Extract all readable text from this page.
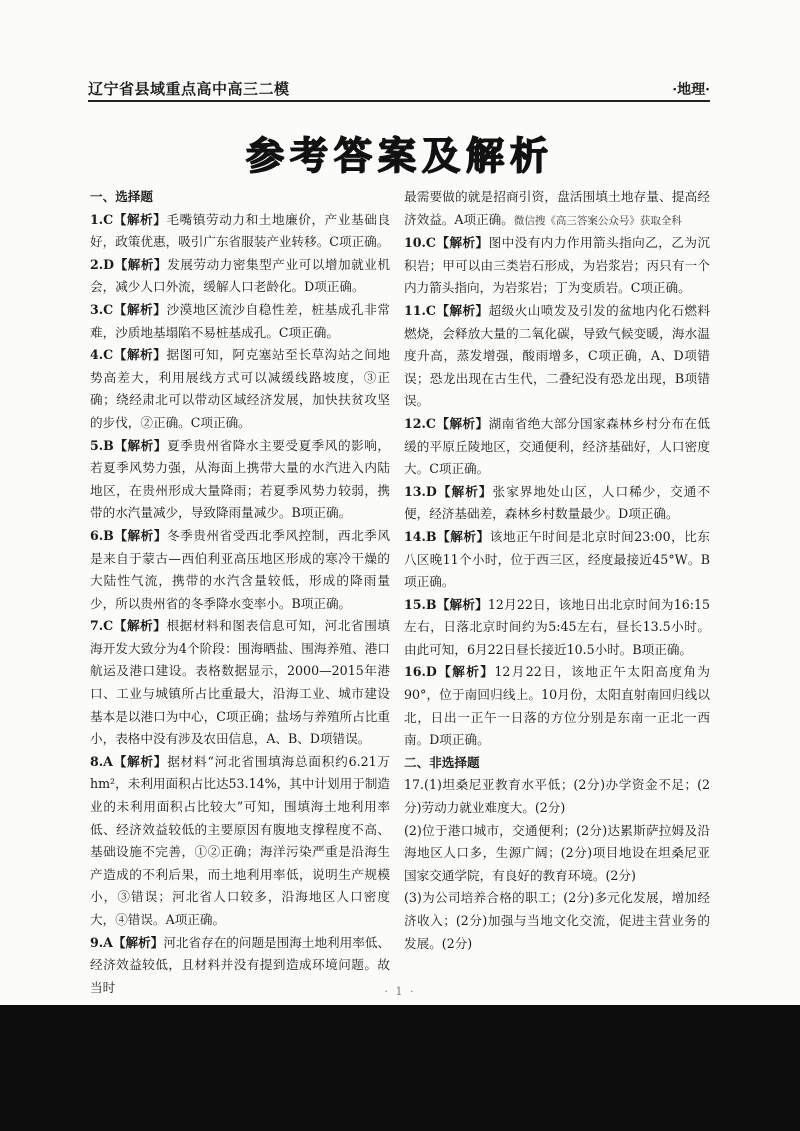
辽宁省县域重点高中高三二模	·地理·
参考答案及解析
一、选择题

1.C【解析】毛嘴镇劳动力和土地廉价，产业基础良好，政策优惠，吸引广东省服装产业转移。C项正确。

2.D【解析】发展劳动力密集型产业可以增加就业机会，减少人口外流，缓解人口老龄化。D项正确。

3.C【解析】沙漠地区流沙自稳性差，桩基成孔非常难，沙质地基塌陷不易桩基成孔。C项正确。

4.C【解析】据图可知，阿克塞站至长草沟站之间地势高差大，利用展线方式可以减缓线路坡度，③正确；绕经肃北可以带动区域经济发展，加快扶贫攻坚的步伐，②正确。C项正确。

5.B【解析】夏季贵州省降水主要受夏季风的影响，若夏季风势力强，从海面上携带大量的水汽进入内陆地区，在贵州形成大量降雨；若夏季风势力较弱，携带的水汽量减少，导致降雨量减少。B项正确。

6.B【解析】冬季贵州省受西北季风控制，西北季风是来自于蒙古—西伯利亚高压地区形成的寒冷干燥的大陆性气流，携带的水汽含量较低，形成的降雨量少，所以贵州省的冬季降水变率小。B项正确。

7.C【解析】根据材料和图表信息可知，河北省围填海开发大致分为4个阶段：围海晒盐、围海养殖、港口航运及港口建设。表格数据显示，2000—2015年港口、工业与城镇所占比重最大，沿海工业、城市建设基本是以港口为中心，C项正确；盐场与养殖所占比重小，表格中没有涉及农田信息，A、B、D项错误。

8.A【解析】据材料“河北省围填海总面积约6.21万hm²，未利用面积占比达53.14%，其中计划用于制造业的未利用面积占比较大”可知，围填海土地利用率低、经济效益较低的主要原因有腹地支撑程度不高、基础设施不完善，①②正确；海洋污染严重是沿海生产造成的不利后果，而土地利用率低，说明生产规模小，③错误；河北省人口较多，沿海地区人口密度大，④错误。A项正确。

9.A【解析】河北省存在的问题是围海土地利用率低、经济效益较低，且材料并没有提到造成环境问题。故当时

最需要做的就是招商引资，盘活围填土地存量、提高经济效益。A项正确。微信搜《高三答案公众号》获取全科

10.C【解析】图中没有内力作用箭头指向乙，乙为沉积岩；甲可以由三类岩石形成，为岩浆岩；丙只有一个内力箭头指向，为岩浆岩；丁为变质岩。C项正确。

11.C【解析】超级火山喷发及引发的盆地内化石燃料燃烧，会释放大量的二氧化碳，导致气候变暖，海水温度升高，蒸发增强，酸雨增多，C项正确，A、D项错误；恐龙出现在古生代，二叠纪没有恐龙出现，B项错误。

12.C【解析】湖南省绝大部分国家森林乡村分布在低缓的平原丘陵地区，交通便利，经济基础好，人口密度大。C项正确。

13.D【解析】张家界地处山区，人口稀少，交通不便，经济基础差，森林乡村数量最少。D项正确。

14.B【解析】该地正午时间是北京时间23:00，比东八区晚11个小时，位于西三区，经度最接近45°W。B项正确。

15.B【解析】12月22日，该地日出北京时间为16:15左右，日落北京时间约为5:45左右，昼长13.5小时。由此可知，6月22日昼长接近10.5小时。B项正确。

16.D【解析】12月22日，该地正午太阳高度角为90°，位于南回归线上。10月份，太阳直射南回归线以北，日出一正午一日落的方位分别是东南一正北一西南。D项正确。

二、非选择题

17.(1)坦桑尼亚教育水平低；(2分)办学资金不足；(2分)劳动力就业难度大。(2分)

(2)位于港口城市，交通便利；(2分)达累斯萨拉姆及沿海地区人口多，生源广阔；(2分)项目地设在坦桑尼亚国家交通学院，有良好的教育环境。(2分)

(3)为公司培养合格的职工；(2分)多元化发展，增加经济收入；(2分)加强与当地文化交流，促进主营业务的发展。(2分)

· 1 ·
